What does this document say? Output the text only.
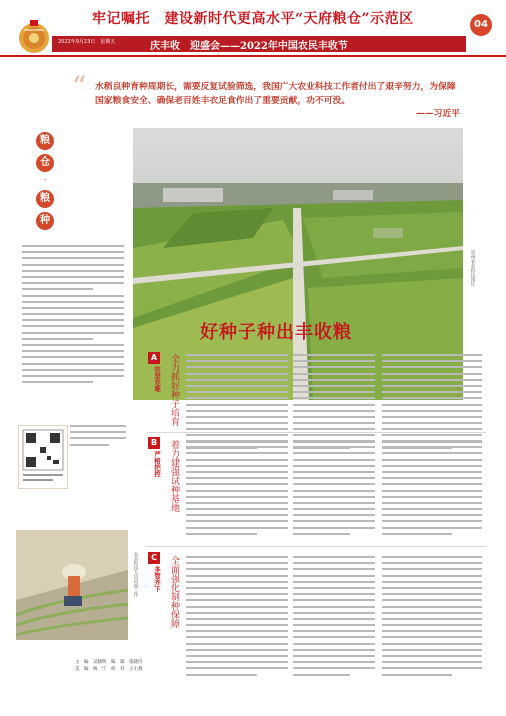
牢记嘱托　建设新时代更高水平“天府粮仓”示范区
2022年9月23日　星期五	庆丰收　迎盛会——2022年中国农民丰收节
04
“ 水稻良种育种周期长，需要反复试验筛选，我国广大农业科技工作者付出了艰辛努力，为保障国家粮食安全、确保老百姓丰衣足食作出了重要贡献，功不可没。
——习近平
粮
仓
·
粮
种
崇州农业科技园区
好种子种出丰收粮
A
攻坚克难 全力抓好种子培育
B
严格把控 着力建强试种基地
C
多管齐下 全面强化制种保障
农业科技人员田间工作
主　编　吴晓明　编　辑　张晓玲
美　编　杨　宁　校　对　王小燕
